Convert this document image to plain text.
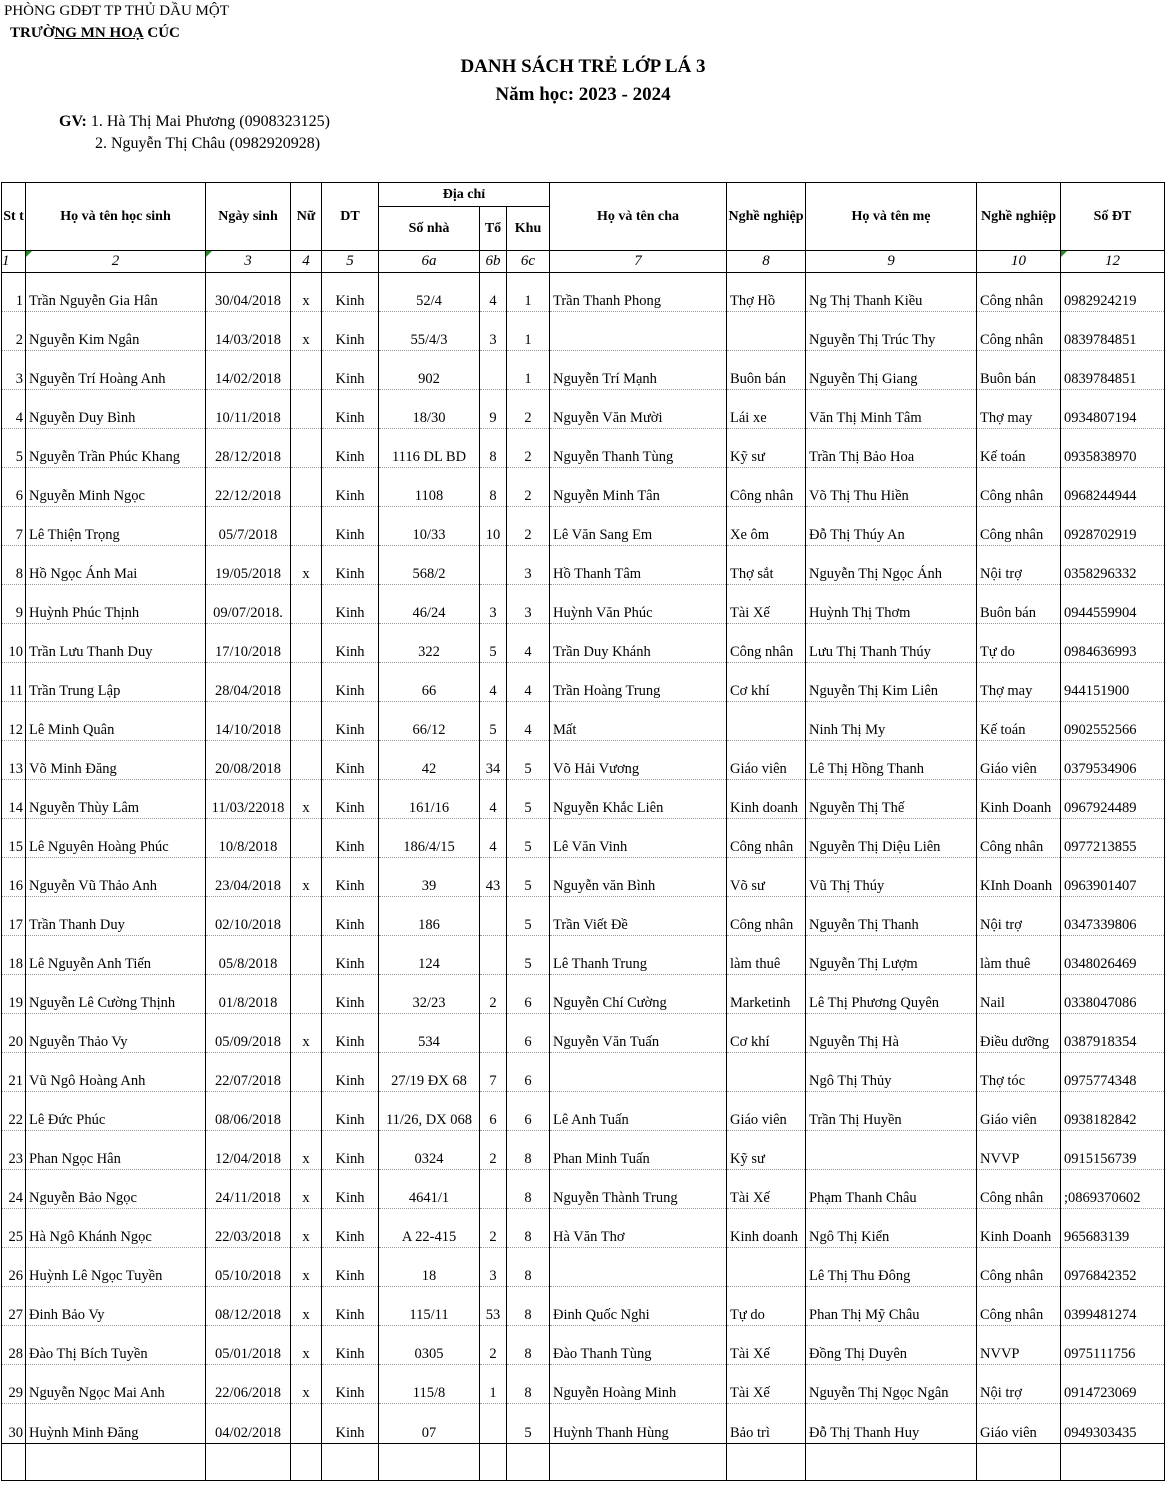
PHÒNG GDĐT TP THỦ DẦU MỘT
TRƯỜNG MN HOẠ CÚC
DANH SÁCH TRẺ LỚP LÁ 3
Năm học: 2023 - 2024
GV: 1. Hà Thị Mai Phương (0908323125)
2. Nguyễn Thị Châu (0982920928)
St t	Họ và tên học sinh	Ngày sinh	Nữ	DT	Địa chỉ			Họ và tên cha	Nghề nghiệp	Họ và tên mẹ	Nghề nghiệp	Số ĐT
					Số nhà	Tổ	Khu					
1	2	3	4	5	6a	6b	6c	7	8	9	10	12
1	Trần Nguyễn Gia Hân	30/04/2018	x	Kinh	52/4	4	1	Trần Thanh Phong	Thợ Hồ	Ng Thị Thanh Kiều	Công nhân	0982924219
2	Nguyễn Kim Ngân	14/03/2018	x	Kinh	55/4/3	3	1			Nguyễn Thị Trúc Thy	Công nhân	0839784851
3	Nguyễn Trí Hoàng Anh	14/02/2018		Kinh	902		1	Nguyễn Trí Mạnh	Buôn bán	Nguyễn Thị Giang	Buôn bán	0839784851
4	Nguyễn Duy Bình	10/11/2018		Kinh	18/30	9	2	Nguyễn Văn Mười	Lái xe	Văn Thị Minh Tâm	Thợ may	0934807194
5	Nguyễn Trần Phúc Khang	28/12/2018		Kinh	1116 DL BD	8	2	Nguyễn Thanh Tùng	Kỹ sư	Trần Thị Bảo Hoa	Kế toán	0935838970
6	Nguyễn Minh Ngọc	22/12/2018		Kinh	1108	8	2	Nguyễn Minh Tân	Công nhân	Võ Thị Thu Hiền	Công nhân	0968244944
7	Lê Thiện Trọng	05/7/2018		Kinh	10/33	10	2	Lê Văn Sang Em	Xe ôm	Đỗ Thị Thúy An	Công nhân	0928702919
8	Hồ Ngọc Ánh Mai	19/05/2018	x	Kinh	568/2		3	Hồ Thanh Tâm	Thợ sắt	Nguyễn Thị Ngọc Ánh	Nội trợ	0358296332
9	Huỳnh Phúc Thịnh	09/07/2018.		Kinh	46/24	3	3	Huỳnh Văn Phúc	Tài Xế	Huỳnh Thị Thơm	Buôn bán	0944559904
10	Trần Lưu Thanh Duy	17/10/2018		Kinh	322	5	4	Trần Duy Khánh	Công nhân	Lưu Thị Thanh Thúy	Tự do	0984636993
11	Trần Trung Lập	28/04/2018		Kinh	66	4	4	Trần Hoàng Trung	Cơ khí	Nguyễn Thị Kim Liên	Thợ may	944151900
12	Lê Minh Quân	14/10/2018		Kinh	66/12	5	4	Mất		Ninh Thị My	Kế toán	0902552566
13	Võ Minh Đăng	20/08/2018		Kinh	42	34	5	Võ Hải Vương	Giáo viên	Lê Thị Hồng Thanh	Giáo viên	0379534906
14	Nguyễn Thùy Lâm	11/03/22018	x	Kinh	161/16	4	5	Nguyễn Khắc Liên	Kinh doanh	Nguyễn Thị Thế	Kinh Doanh	0967924489
15	Lê Nguyên Hoàng Phúc	10/8/2018		Kinh	186/4/15	4	5	Lê Văn Vinh	Công nhân	Nguyễn Thị Diệu Liên	Công nhân	0977213855
16	Nguyễn Vũ Thảo Anh	23/04/2018	x	Kinh	39	43	5	Nguyễn văn Bình	Võ sư	Vũ Thị Thúy	KInh Doanh	0963901407
17	Trần Thanh Duy	02/10/2018		Kinh	186		5	Trần Viết Đề	Công nhân	Nguyễn Thị Thanh	Nội trợ	0347339806
18	Lê Nguyễn Anh Tiến	05/8/2018		Kinh	124		5	Lê Thanh Trung	làm thuê	Nguyễn Thị Lượm	làm thuê	0348026469
19	Nguyễn Lê Cường Thịnh	01/8/2018		Kinh	32/23	2	6	Nguyễn Chí Cường	Marketinh	Lê Thị Phương Quyên	Nail	0338047086
20	Nguyễn Thảo Vy	05/09/2018	x	Kinh	534		6	Nguyễn Văn Tuấn	Cơ khí	Nguyễn Thị Hà	Điều dưỡng	0387918354
21	Vũ Ngô Hoàng Anh	22/07/2018		Kinh	27/19 ĐX 68	7	6			Ngô Thị Thủy	Thợ tóc	0975774348
22	Lê Đức Phúc	08/06/2018		Kinh	11/26, DX 068	6	6	Lê Anh Tuấn	Giáo viên	Trần Thị Huyền	Giáo viên	0938182842
23	Phan Ngọc Hân	12/04/2018	x	Kinh	0324	2	8	Phan Minh Tuấn	Kỹ sư		NVVP	0915156739
24	Nguyễn Bảo Ngọc	24/11/2018	x	Kinh	4641/1		8	Nguyễn Thành Trung	Tài Xế	Phạm Thanh Châu	Công nhân	;0869370602
25	Hà Ngô Khánh Ngọc	22/03/2018	x	Kinh	A 22-415	2	8	Hà Văn Thơ	Kinh doanh	Ngô Thị Kiển	Kinh Doanh	965683139
26	Huỳnh Lê Ngọc Tuyền	05/10/2018	x	Kinh	18	3	8			Lê Thị Thu Đông	Công nhân	0976842352
27	Đinh Bảo Vy	08/12/2018	x	Kinh	115/11	53	8	Đinh Quốc Nghi	Tự do	Phan Thị Mỹ Châu	Công nhân	0399481274
28	Đào Thị Bích Tuyền	05/01/2018	x	Kinh	0305	2	8	Đào Thanh Tùng	Tài Xế	Đồng Thị Duyên	NVVP	0975111756
29	Nguyễn Ngọc Mai Anh	22/06/2018	x	Kinh	115/8	1	8	Nguyễn Hoàng Minh	Tài Xế	Nguyễn Thị Ngọc Ngân	Nội trợ	0914723069
30	Huỳnh Minh Đăng	04/02/2018		Kinh	07		5	Huỳnh Thanh Hùng	Bảo trì	Đỗ Thị Thanh Huy	Giáo viên	0949303435
